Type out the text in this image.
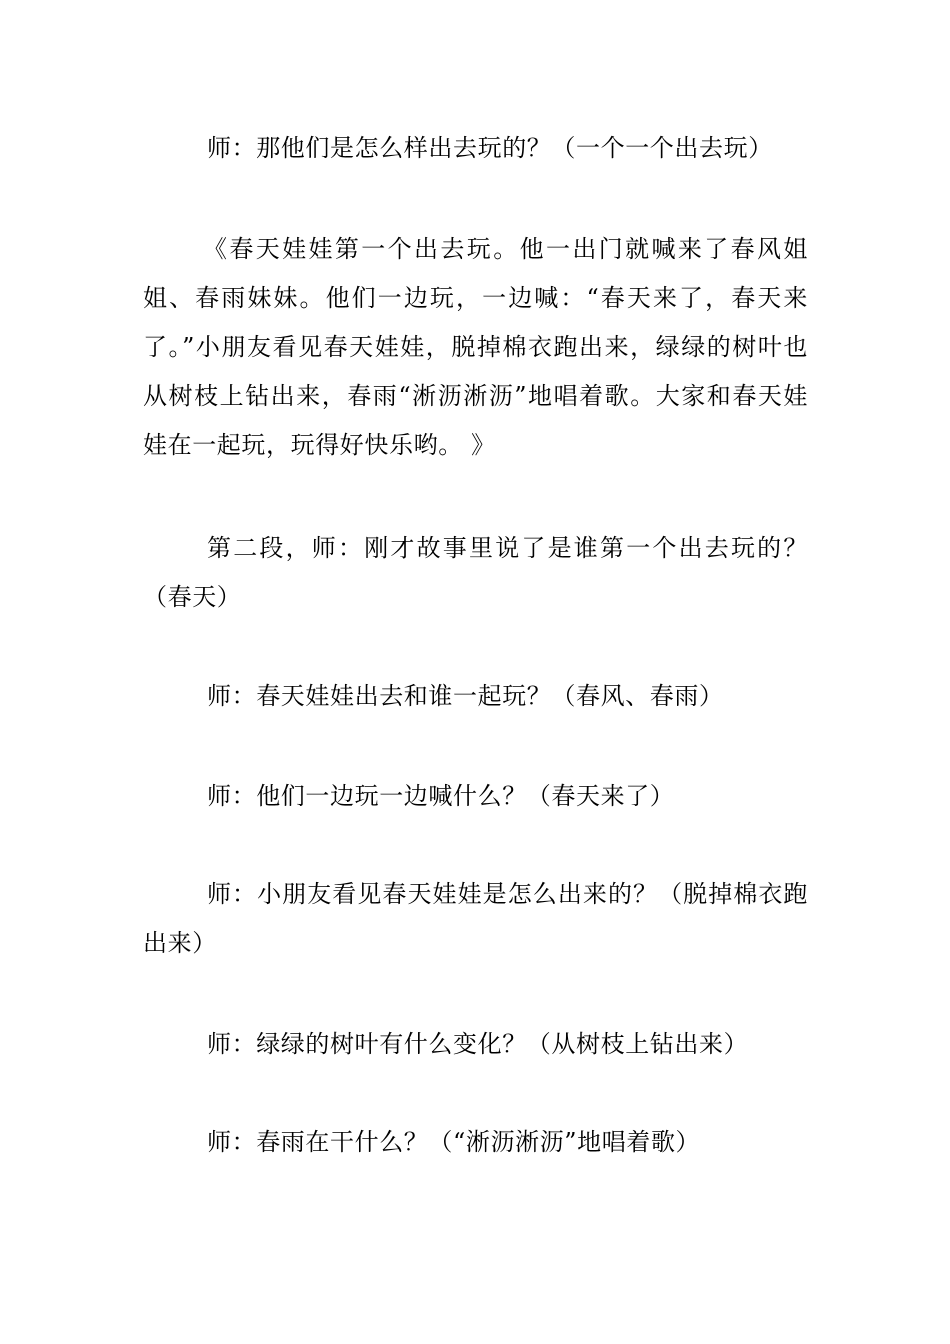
师：那他们是怎么样出去玩的？（一个一个出去玩）

《春天娃娃第一个出去玩。他一出门就喊来了春风姐姐、春雨妹妹。他们一边玩，一边喊：“春天来了，春天来了。”小朋友看见春天娃娃，脱掉棉衣跑出来，绿绿的树叶也从树枝上钻出来，春雨“淅沥淅沥”地唱着歌。大家和春天娃娃在一起玩，玩得好快乐哟。 》

第二段，师：刚才故事里说了是谁第一个出去玩的？（春天）

师：春天娃娃出去和谁一起玩？（春风、春雨）

师：他们一边玩一边喊什么？（春天来了）

师：小朋友看见春天娃娃是怎么出来的？（脱掉棉衣跑出来）

师：绿绿的树叶有什么变化？（从树枝上钻出来）

师：春雨在干什么？（“淅沥淅沥”地唱着歌）
